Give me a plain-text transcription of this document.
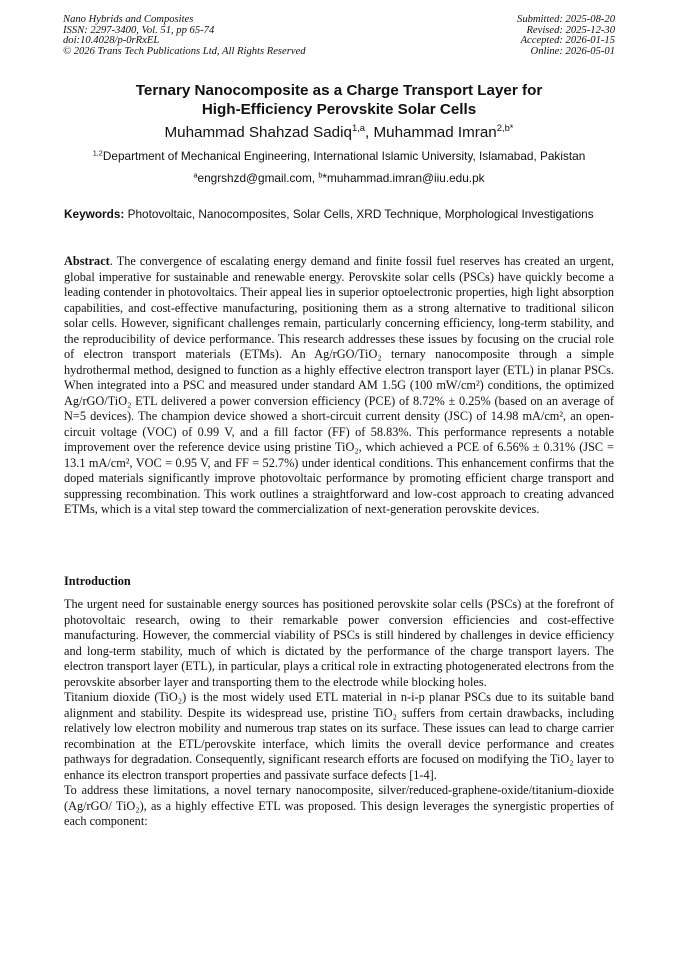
Nano Hybrids and Composites
ISSN: 2297-3400, Vol. 51, pp 65-74
doi:10.4028/p-0rRxEL
© 2026 Trans Tech Publications Ltd, All Rights Reserved
Submitted: 2025-08-20
Revised: 2025-12-30
Accepted: 2026-01-15
Online: 2026-05-01
Ternary Nanocomposite as a Charge Transport Layer for
High-Efficiency Perovskite Solar Cells
Muhammad Shahzad Sadiq$^{1,a}$, Muhammad Imran$^{2,b*}$
$^{1,2}$Department of Mechanical Engineering, International Islamic University, Islamabad, Pakistan
$^a$engrshzd@gmail.com, $^b$*muhammad.imran@iiu.edu.pk
Keywords: Photovoltaic, Nanocomposites, Solar Cells, XRD Technique, Morphological Investigations
Abstract. The convergence of escalating energy demand and finite fossil fuel reserves has created an urgent, global imperative for sustainable and renewable energy. Perovskite solar cells (PSCs) have quickly become a leading contender in photovoltaics. Their appeal lies in superior optoelectronic properties, high light absorption capabilities, and cost-effective manufacturing, positioning them as a strong alternative to traditional silicon solar cells. However, significant challenges remain, particularly concerning efficiency, long-term stability, and the reproducibility of device performance. This research addresses these issues by focusing on the crucial role of electron transport materials (ETMs). An Ag/rGO/TiO₂ ternary nanocomposite through a simple hydrothermal method, designed to function as a highly effective electron transport layer (ETL) in planar PSCs. When integrated into a PSC and measured under standard AM 1.5G (100 mW/cm²) conditions, the optimized Ag/rGO/TiO₂ ETL delivered a power conversion efficiency (PCE) of 8.72% ± 0.25% (based on an average of N=5 devices). The champion device showed a short-circuit current density (JSC) of 14.98 mA/cm², an open-circuit voltage (VOC) of 0.99 V, and a fill factor (FF) of 58.83%. This performance represents a notable improvement over the reference device using pristine TiO₂, which achieved a PCE of 6.56% ± 0.31% (JSC = 13.1 mA/cm², VOC = 0.95 V, and FF = 52.7%) under identical conditions. This enhancement confirms that the doped materials significantly improve photovoltaic performance by promoting efficient charge transport and suppressing recombination. This work outlines a straightforward and low-cost approach to creating advanced ETMs, which is a vital step toward the commercialization of next-generation perovskite devices.
Introduction

The urgent need for sustainable energy sources has positioned perovskite solar cells (PSCs) at the forefront of photovoltaic research, owing to their remarkable power conversion efficiencies and cost-effective manufacturing. However, the commercial viability of PSCs is still hindered by challenges in device efficiency and long-term stability, much of which is dictated by the performance of the charge transport layers. The electron transport layer (ETL), in particular, plays a critical role in extracting photogenerated electrons from the perovskite absorber layer and transporting them to the electrode while blocking holes.

Titanium dioxide (TiO₂) is the most widely used ETL material in n-i-p planar PSCs due to its suitable band alignment and stability. Despite its widespread use, pristine TiO₂ suffers from certain drawbacks, including relatively low electron mobility and numerous trap states on its surface. These issues can lead to charge carrier recombination at the ETL/perovskite interface, which limits the overall device performance and creates pathways for degradation. Consequently, significant research efforts are focused on modifying the TiO₂ layer to enhance its electron transport properties and passivate surface defects [1-4].

To address these limitations, a novel ternary nanocomposite, silver/reduced-graphene-oxide/titanium-dioxide (Ag/rGO/ TiO₂), as a highly effective ETL was proposed. This design leverages the synergistic properties of each component:
